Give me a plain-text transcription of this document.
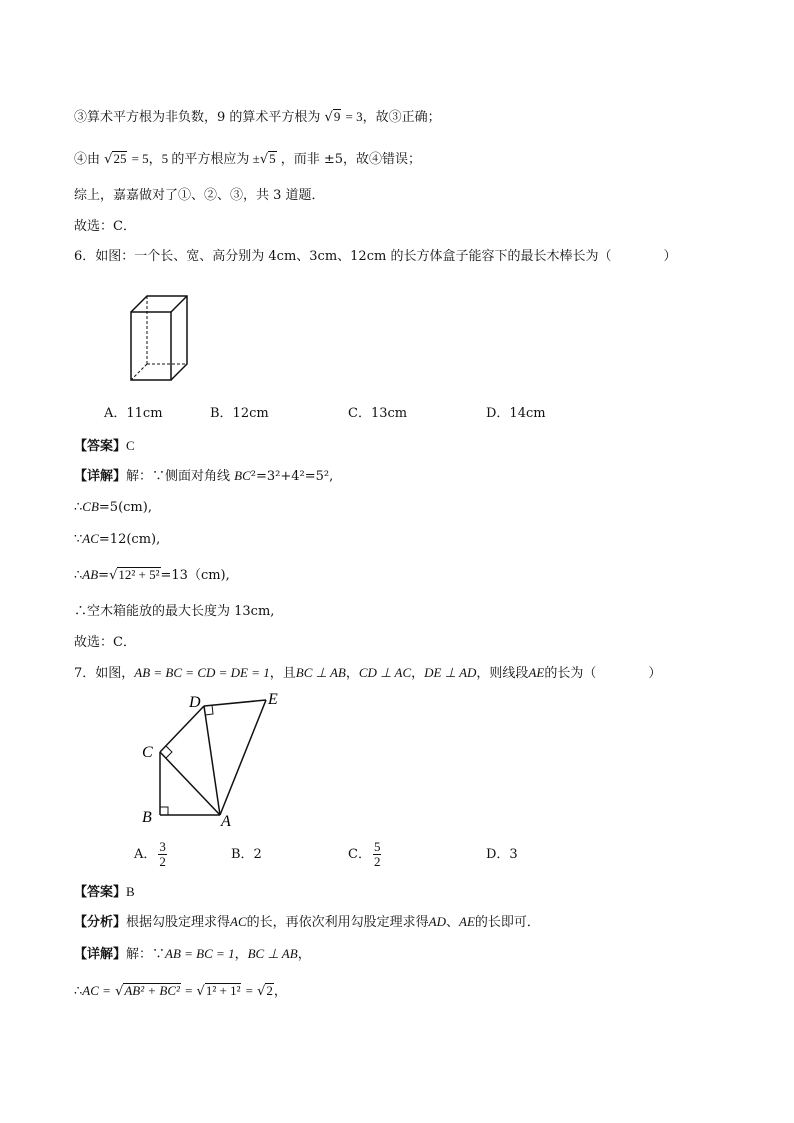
③算术平方根为非负数，9 的算术平方根为 √9 = 3，故③正确；
④由 √25 = 5，5 的平方根应为 ±√5 ，而非 ±5，故④错误；
综上，嘉嘉做对了①、②、③，共 3 道题．
故选：C．
6．如图：一个长、宽、高分别为 4cm、3cm、12cm 的长方体盒子能容下的最长木棒长为（　　　　）
A．11cm	B．12cm	C．13cm	D．14cm
【答案】C
【详解】解：∵侧面对角线 BC²=3²+4²=5²,
∴CB=5(cm),
∵AC=12(cm),
∴AB=√12² + 5²=13（cm),
∴空木箱能放的最大长度为 13cm,
故选：C．
7．如图，AB = BC = CD = DE = 1，且BC ⊥ AB，CD ⊥ AC，DE ⊥ AD，则线段AE的长为（　　　　）
B	A
C
D	E
A． $\frac{3}{2}$	B．2	C． $\frac{5}{2}$	D．3
【答案】B
【分析】根据勾股定理求得AC的长，再依次利用勾股定理求得AD、AE的长即可．
【详解】解：∵AB = BC = 1，BC ⊥ AB，
∴AC = √AB² + BC² = √1² + 1² = √2，
